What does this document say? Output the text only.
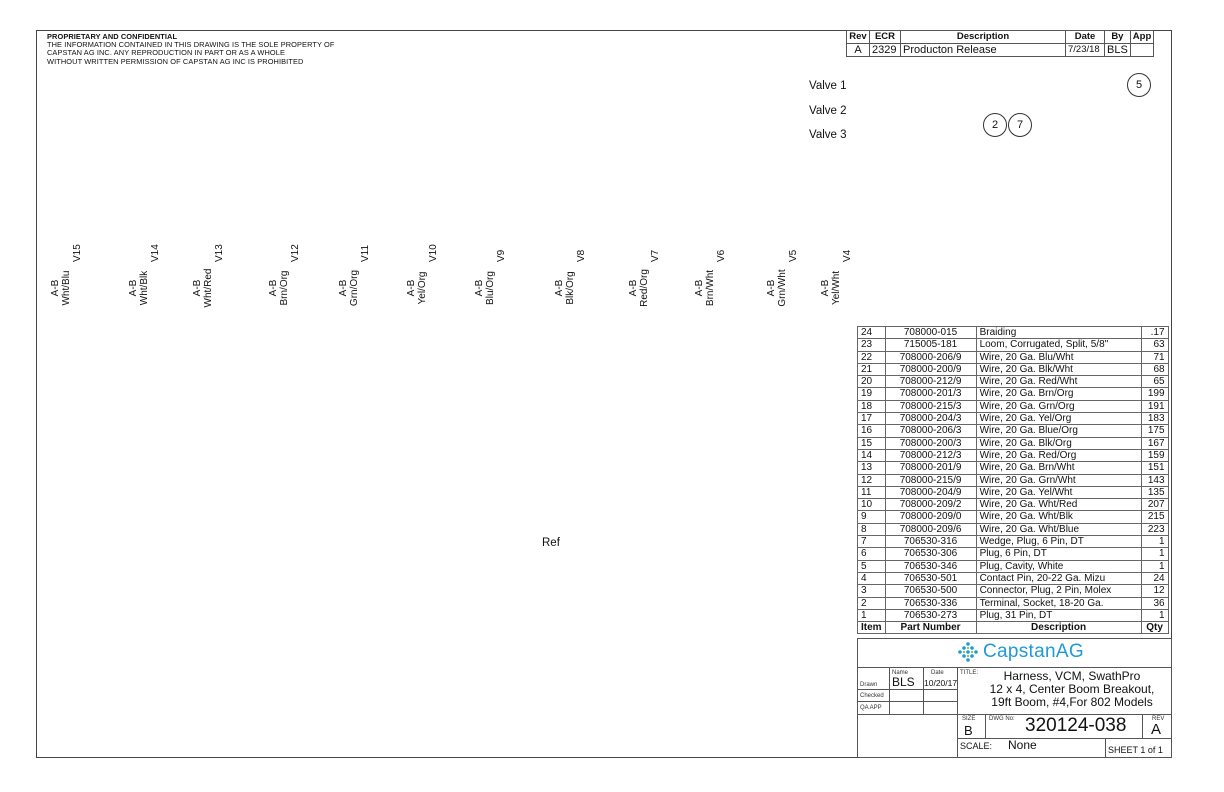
PROPRIETARY AND CONFIDENTIAL
THE INFORMATION CONTAINED IN THIS DRAWING IS THE SOLE PROPERTY OF
CAPSTAN AG INC. ANY REPRODUCTION IN PART OR AS A WHOLE
WITHOUT WRITTEN PERMISSION OF CAPSTAN AG INC IS PROHIBITED
Rev	ECR	Description	Date	By	App
A	2329	Producton Release	7/23/18	BLS	
Valve 1
Valve 2
Valve 3
5
2	7
A-B Wht/Blu
V15
A-B Wht/Blk
V14
A-B Wht/Red
V13
A-B Brn/Org
V12
A-B Grn/Org
V11
A-B Yel/Org
V10
A-B Blu/Org
V9
A-B Blk/Org
V8
A-B Red/Org
V7
A-B Brn/Wht
V6
A-B Grn/Wht
V5
A-B Yel/Wht
V4
Ref
24	708000-015	Braiding	.17
23	715005-181	Loom, Corrugated, Split, 5/8"	63
22	708000-206/9	Wire, 20 Ga. Blu/Wht	71
21	708000-200/9	Wire, 20 Ga. Blk/Wht	68
20	708000-212/9	Wire, 20 Ga. Red/Wht	65
19	708000-201/3	Wire, 20 Ga. Brn/Org	199
18	708000-215/3	Wire, 20 Ga. Grn/Org	191
17	708000-204/3	Wire, 20 Ga. Yel/Org	183
16	708000-206/3	Wire, 20 Ga. Blue/Org	175
15	708000-200/3	Wire, 20 Ga. Blk/Org	167
14	708000-212/3	Wire, 20 Ga. Red/Org	159
13	708000-201/9	Wire, 20 Ga. Brn/Wht	151
12	708000-215/9	Wire, 20 Ga. Grn/Wht	143
11	708000-204/9	Wire, 20 Ga. Yel/Wht	135
10	708000-209/2	Wire, 20 Ga. Wht/Red	207
9	708000-209/0	Wire, 20 Ga. Wht/Blk	215
8	708000-209/6	Wire, 20 Ga. Wht/Blue	223
7	706530-316	Wedge, Plug, 6 Pin, DT	1
6	706530-306	Plug, 6 Pin, DT	1
5	706530-346	Plug, Cavity, White	1
4	706530-501	Contact Pin, 20-22 Ga. Mizu	24
3	706530-500	Connector, Plug, 2 Pin, Molex	12
2	706530-336	Terminal, Socket, 18-20 Ga.	36
1	706530-273	Plug, 31 Pin, DT	1
Item	Part Number	Description	Qty
CapstanAG
Name	Date
BLS 10/20/17
Drawn
Checked
QA APP
TITLE:	Harness, VCM, SwathPro
12 x 4, Center Boom Breakout,
19ft Boom, #4,For 802 Models
SIZE
B
DWG No: 320124-038	REV
A
SCALE: None	SHEET 1 of 1
